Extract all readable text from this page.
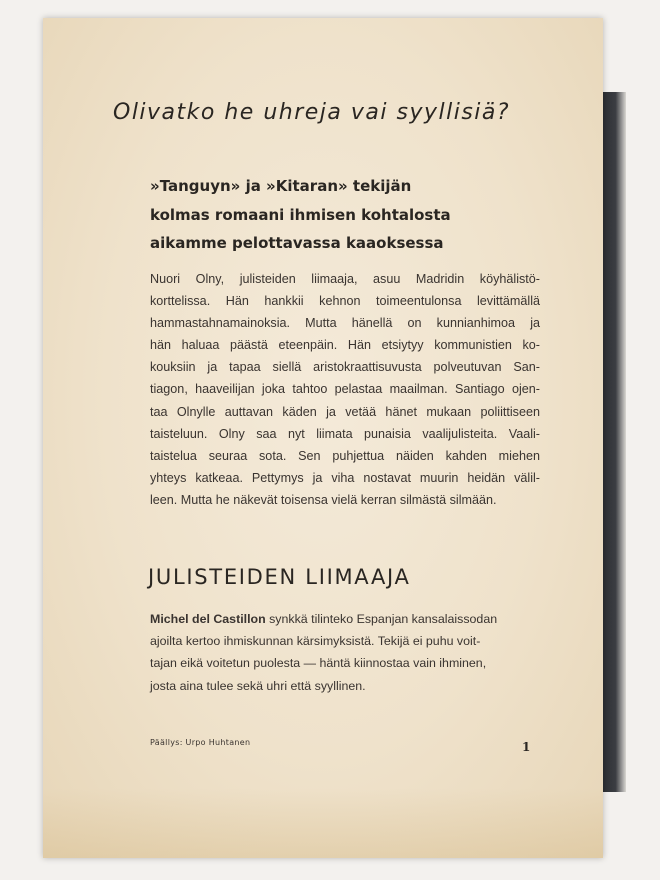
Olivatko he uhreja vai syyllisiä?
»Tanguyn» ja »Kitaran» tekijän
kolmas romaani ihmisen kohtalosta
aikamme pelottavassa kaaoksessa
Nuori Olny, julisteiden liimaaja, asuu Madridin köyhälistö-
korttelissa. Hän hankkii kehnon toimeentulonsa levittämällä
hammastahnamainoksia. Mutta hänellä on kunnianhimoa ja
hän haluaa päästä eteenpäin. Hän etsiytyy kommunistien ko-
kouksiin ja tapaa siellä aristokraattisuvusta polveutuvan San-
tiagon, haaveilijan joka tahtoo pelastaa maailman. Santiago ojen-
taa Olnylle auttavan käden ja vetää hänet mukaan poliittiseen
taisteluun. Olny saa nyt liimata punaisia vaalijulisteita. Vaali-
taistelua seuraa sota. Sen puhjettua näiden kahden miehen
yhteys katkeaa. Pettymys ja viha nostavat muurin heidän välil-
leen. Mutta he näkevät toisensa vielä kerran silmästä silmään.
JULISTEIDEN LIIMAAJA
Michel del Castillon synkkä tilinteko Espanjan kansalaissodan
ajoilta kertoo ihmiskunnan kärsimyksistä. Tekijä ei puhu voit-
tajan eikä voitetun puolesta — häntä kiinnostaa vain ihminen,
josta aina tulee sekä uhri että syyllinen.
Päällys: Urpo Huhtanen	1
